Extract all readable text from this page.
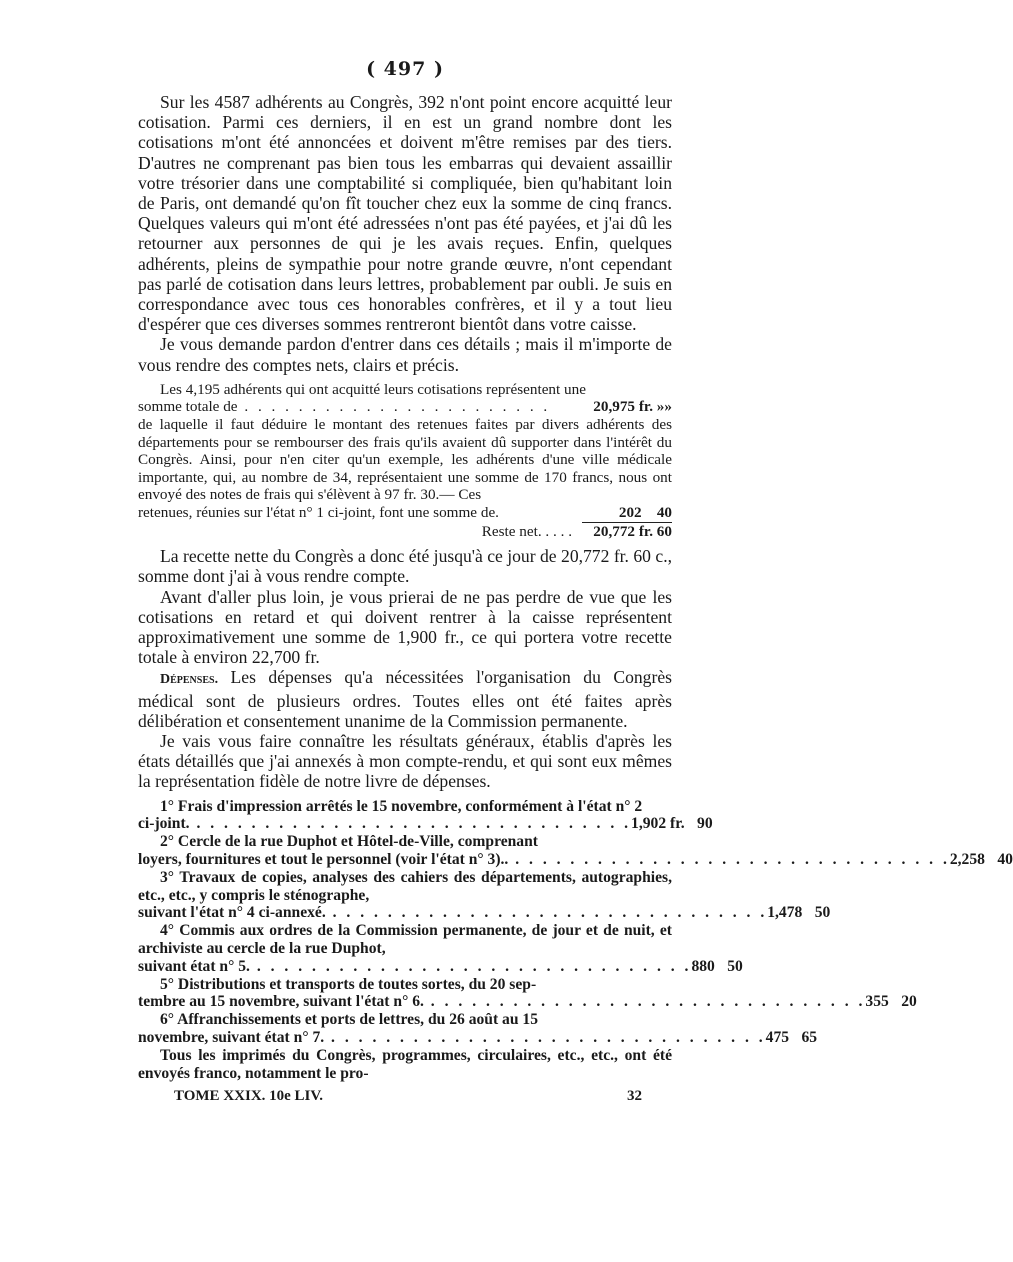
( 497 )

Sur les 4587 adhérents au Congrès, 392 n'ont point encore acquitté leur cotisation. Parmi ces derniers, il en est un grand nombre dont les cotisations m'ont été annoncées et doivent m'être remises par des tiers. D'autres ne comprenant pas bien tous les embarras qui devaient assaillir votre trésorier dans une comptabilité si compliquée, bien qu'habitant loin de Paris, ont demandé qu'on fît toucher chez eux la somme de cinq francs. Quelques valeurs qui m'ont été adressées n'ont pas été payées, et j'ai dû les retourner aux personnes de qui je les avais reçues. Enfin, quelques adhérents, pleins de sympathie pour notre grande œuvre, n'ont cependant pas parlé de cotisation dans leurs lettres, probablement par oubli. Je suis en correspondance avec tous ces honorables confrères, et il y a tout lieu d'espérer que ces diverses sommes rentreront bientôt dans votre caisse.

Je vous demande pardon d'entrer dans ces détails ; mais il m'importe de vous rendre des comptes nets, clairs et précis.

Les 4,195 adhérents qui ont acquitté leurs cotisations représentent une

somme totale de . . . . . . . . . . . . . . . . . . . . . . .	20,975 fr. »»

de laquelle il faut déduire le montant des retenues faites par divers adhérents des départements pour se rembourser des frais qu'ils avaient dû supporter dans l'intérêt du Congrès. Ainsi, pour n'en citer qu'un exemple, les adhérents d'une ville médicale importante, qui, au nombre de 34, représentaient une somme de 170 francs, nous ont envoyé des notes de frais qui s'élèvent à 97 fr. 30.— Ces

retenues, réunies sur l'état n° 1 ci-joint, font une somme de.	202 40
Reste net. . . . .	20,772 fr. 60

La recette nette du Congrès a donc été jusqu'à ce jour de 20,772 fr. 60 c., somme dont j'ai à vous rendre compte.

Avant d'aller plus loin, je vous prierai de ne pas perdre de vue que les cotisations en retard et qui doivent rentrer à la caisse représentent approximativement une somme de 1,900 fr., ce qui portera votre recette totale à environ 22,700 fr.

Dépenses. Les dépenses qu'a nécessitées l'organisation du Congrès médical sont de plusieurs ordres. Toutes elles ont été faites après délibération et consentement unanime de la Commission permanente.

Je vais vous faire connaître les résultats généraux, établis d'après les états détaillés que j'ai annexés à mon compte-rendu, et qui sont eux mêmes la représentation fidèle de notre livre de dépenses.

1° Frais d'impression arrêtés le 15 novembre, conformément à l'état n° 2
ci-joint. . . . . . . . . . . . . . . . . . . . . . . . . . . . . . . . . 1,902 fr. 90
2° Cercle de la rue Duphot et Hôtel-de-Ville, comprenant
loyers, fournitures et tout le personnel (voir l'état n° 3).. . . . . . . . . . . . . . . . . . . . . . . . . . . . . . . . . 2,258 40
3° Travaux de copies, analyses des cahiers des départements, autographies, etc., etc., y compris le sténographe,
suivant l'état n° 4 ci-annexé. . . . . . . . . . . . . . . . . . . . . . . . . . . . . . . . . 1,478 50
4° Commis aux ordres de la Commission permanente, de jour et de nuit, et archiviste au cercle de la rue Duphot,
suivant état n° 5. . . . . . . . . . . . . . . . . . . . . . . . . . . . . . . . . 880 50
5° Distributions et transports de toutes sortes, du 20 sep-
tembre au 15 novembre, suivant l'état n° 6. . . . . . . . . . . . . . . . . . . . . . . . . . . . . . . . . 355 20
6° Affranchissements et ports de lettres, du 26 août au 15
novembre, suivant état n° 7. . . . . . . . . . . . . . . . . . . . . . . . . . . . . . . . . 475 65

Tous les imprimés du Congrès, programmes, circulaires, etc., etc., ont été envoyés franco, notamment le pro-

TOME XXIX. 10e LIV.	32
